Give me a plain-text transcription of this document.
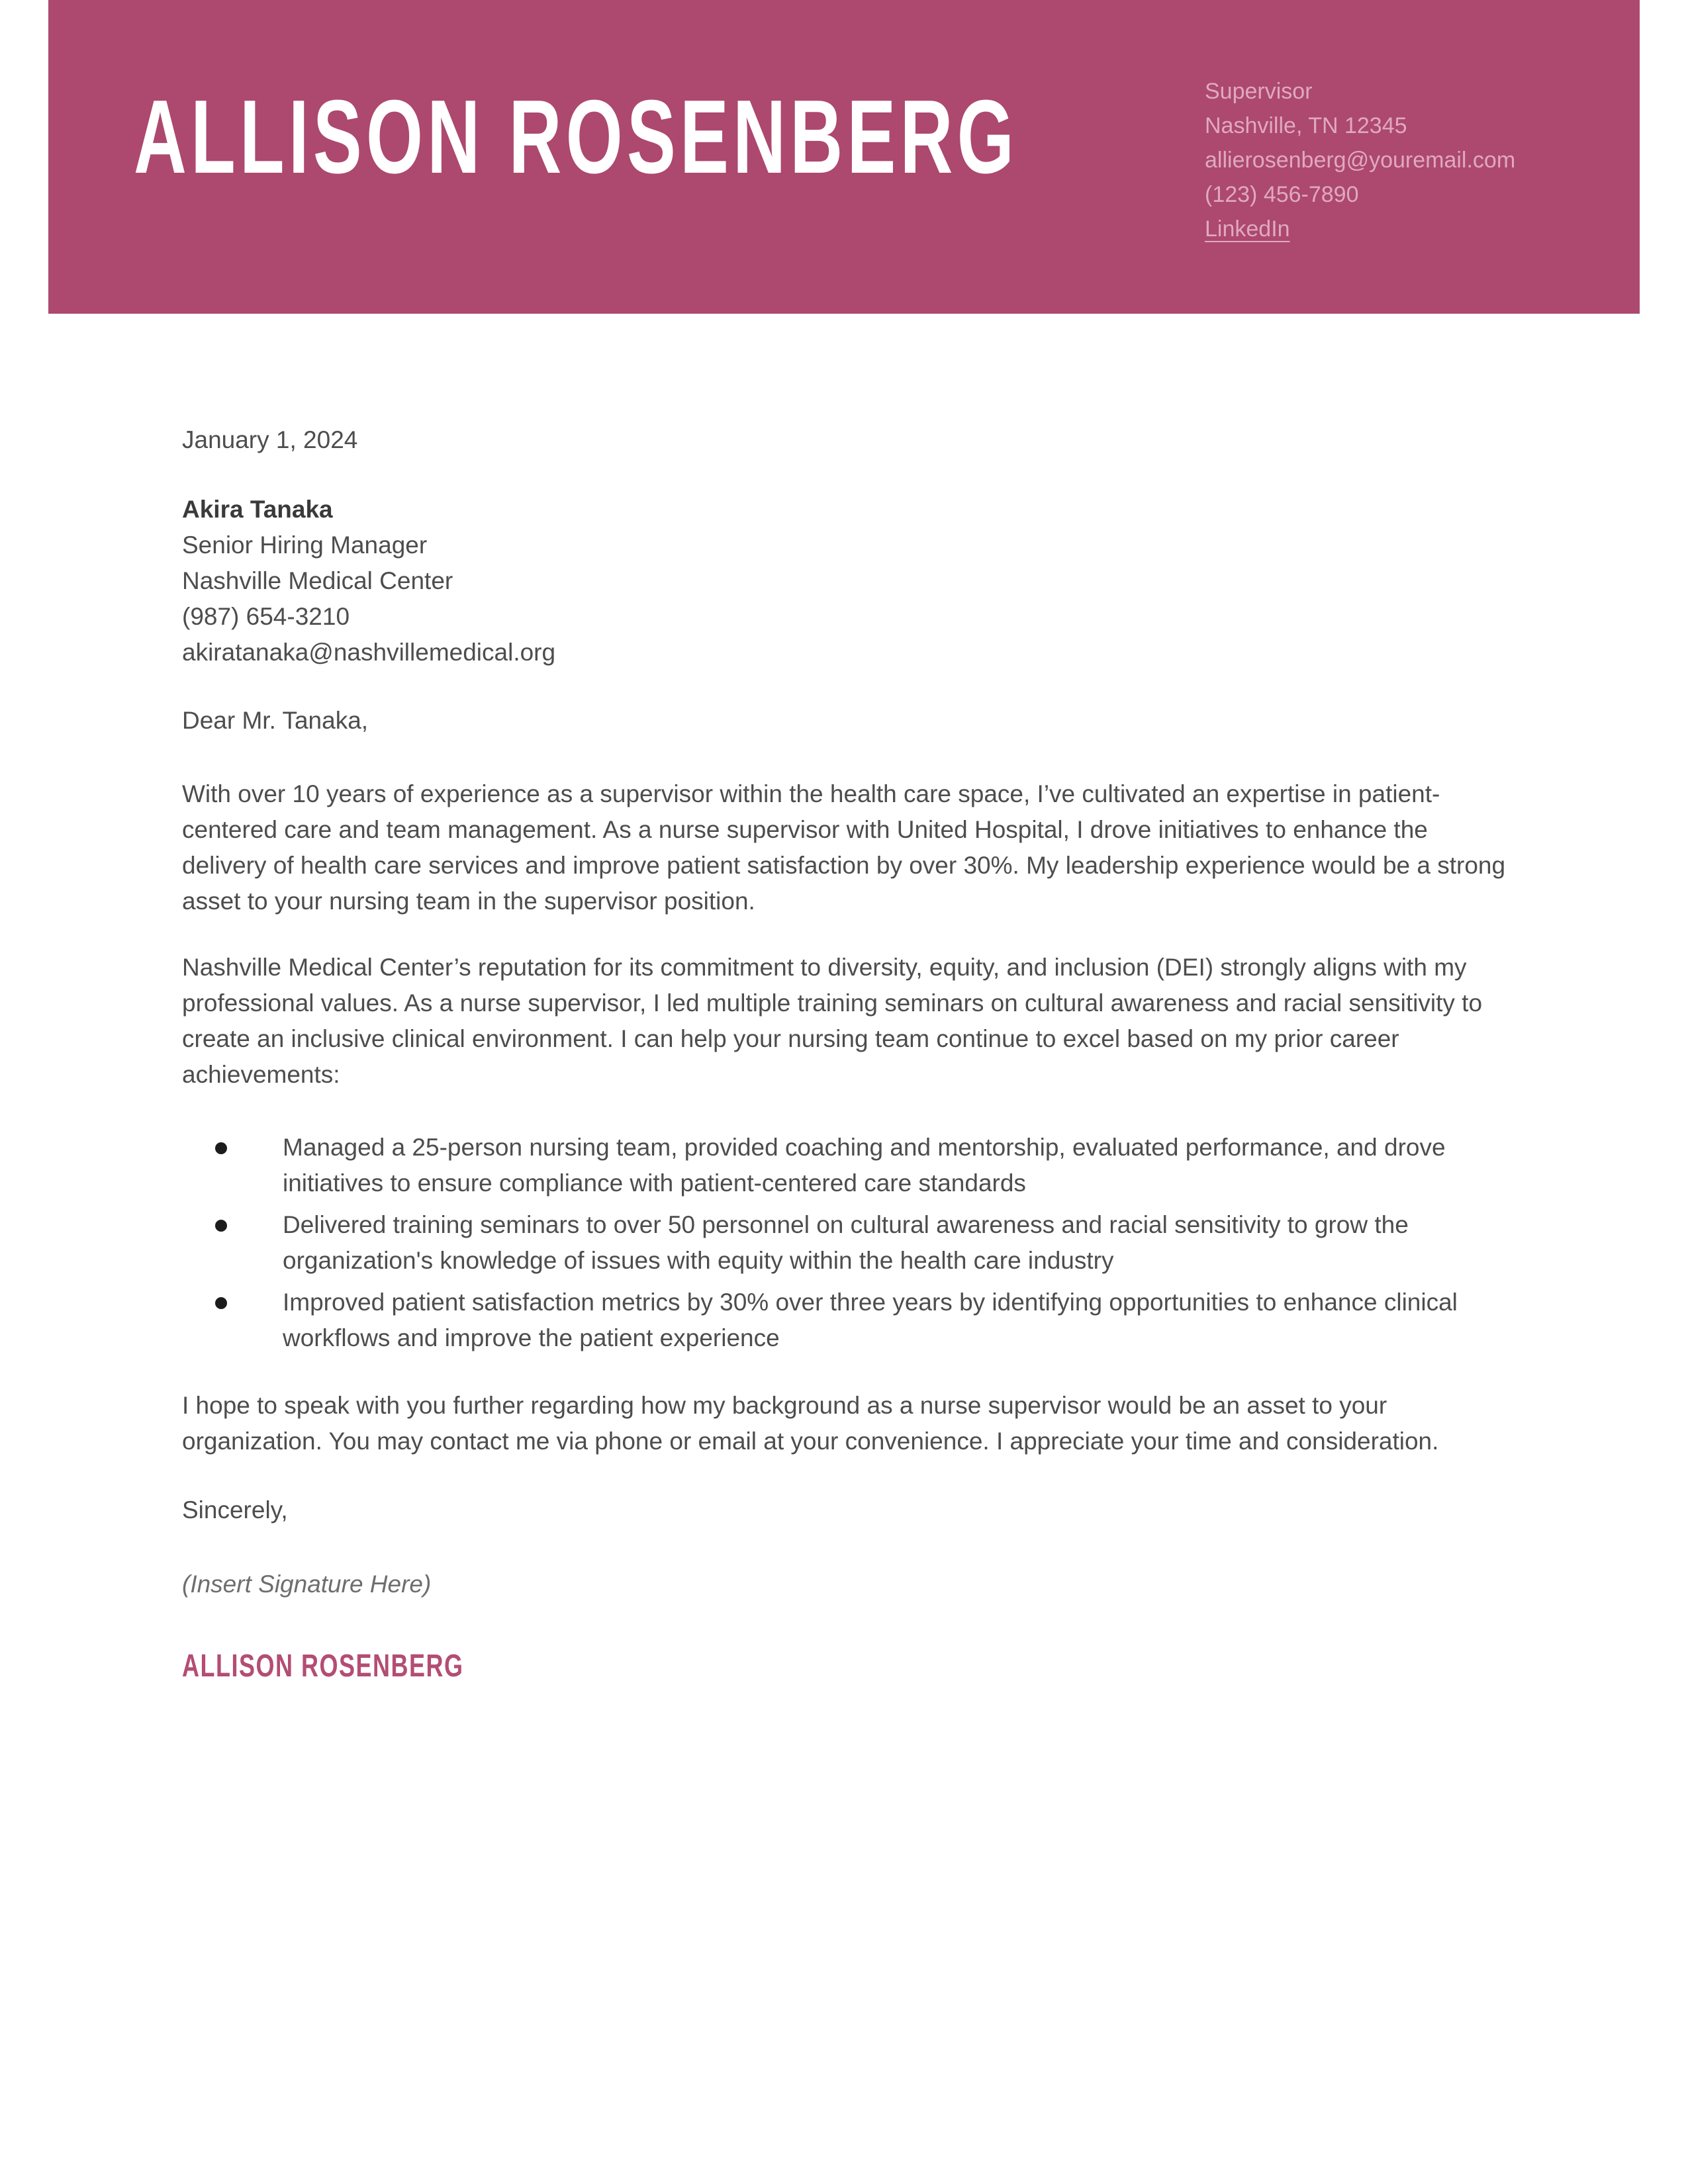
ALLISON ROSENBERG	Supervisor
Nashville, TN 12345
allierosenberg@youremail.com
(123) 456-7890
LinkedIn
January 1, 2024
Akira Tanaka
Senior Hiring Manager
Nashville Medical Center
(987) 654-3210
akiratanaka@nashvillemedical.org
Dear Mr. Tanaka,

With over 10 years of experience as a supervisor within the health care space, I’ve cultivated an expertise in patient-centered care and team management. As a nurse supervisor with United Hospital, I drove initiatives to enhance the delivery of health care services and improve patient satisfaction by over 30%. My leadership experience would be a strong asset to your nursing team in the supervisor position.

Nashville Medical Center’s reputation for its commitment to diversity, equity, and inclusion (DEI) strongly aligns with my professional values. As a nurse supervisor, I led multiple training seminars on cultural awareness and racial sensitivity to create an inclusive clinical environment. I can help your nursing team continue to excel based on my prior career achievements:

Managed a 25-person nursing team, provided coaching and mentorship, evaluated performance, and drove initiatives to ensure compliance with patient-centered care standards
Delivered training seminars to over 50 personnel on cultural awareness and racial sensitivity to grow the organization's knowledge of issues with equity within the health care industry
Improved patient satisfaction metrics by 30% over three years by identifying opportunities to enhance clinical workflows and improve the patient experience

I hope to speak with you further regarding how my background as a nurse supervisor would be an asset to your organization. You may contact me via phone or email at your convenience. I appreciate your time and consideration.

Sincerely,
(Insert Signature Here)
ALLISON ROSENBERG
